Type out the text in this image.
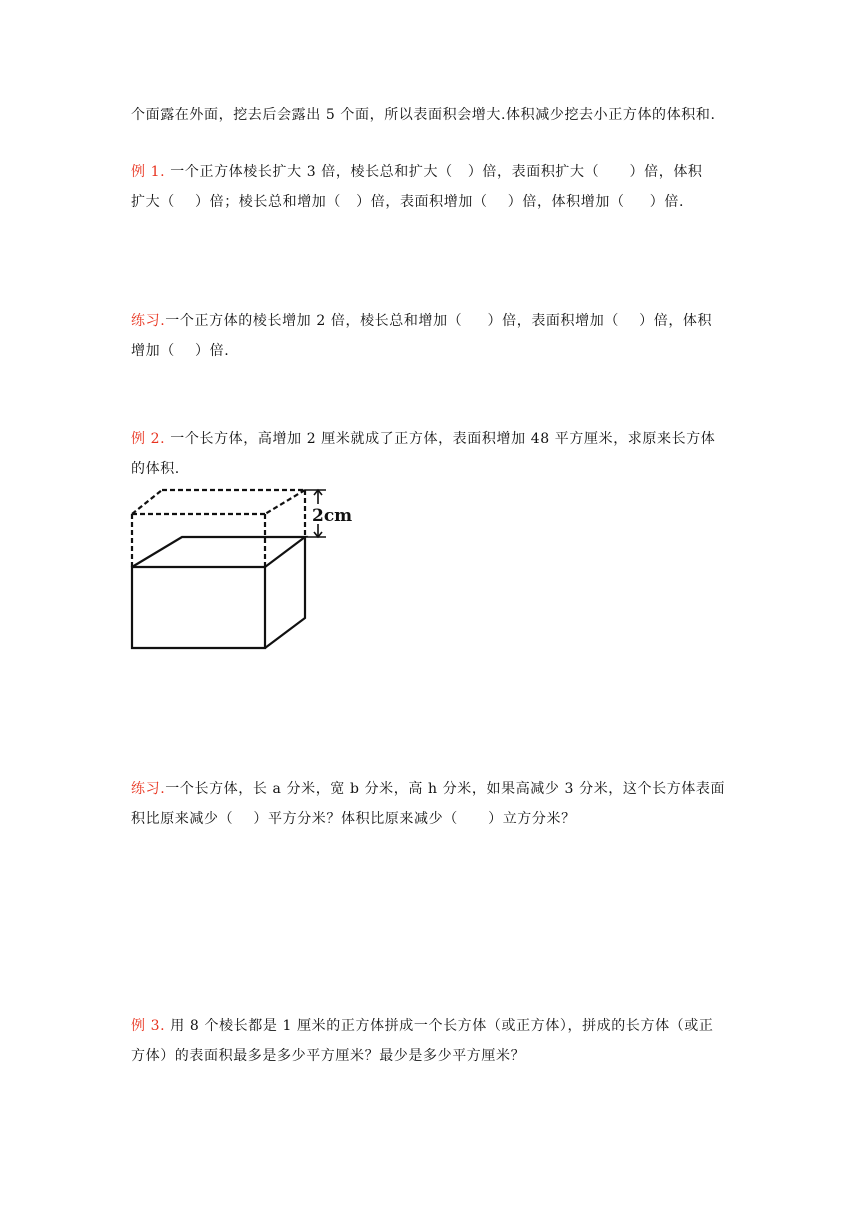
个面露在外面，挖去后会露出 5 个面，所以表面积会增大.体积减少挖去小正方体的体积和.
例 1. 一个正方体棱长扩大 3 倍，棱长总和扩大（   ）倍，表面积扩大（      ）倍，体积
扩大（    ）倍；棱长总和增加（   ）倍，表面积增加（    ）倍，体积增加（     ）倍.
练习.一个正方体的棱长增加 2 倍，棱长总和增加（     ）倍，表面积增加（    ）倍，体积
增加（    ）倍.
例 2. 一个长方体，高增加 2 厘米就成了正方体，表面积增加 48 平方厘米，求原来长方体
的体积.
2cm
练习.一个长方体，长 a 分米，宽 b 分米，高 h 分米，如果高减少 3 分米，这个长方体表面
积比原来减少（    ）平方分米？体积比原来减少（      ）立方分米？
例 3. 用 8 个棱长都是 1 厘米的正方体拼成一个长方体（或正方体），拼成的长方体（或正
方体）的表面积最多是多少平方厘米？最少是多少平方厘米？
